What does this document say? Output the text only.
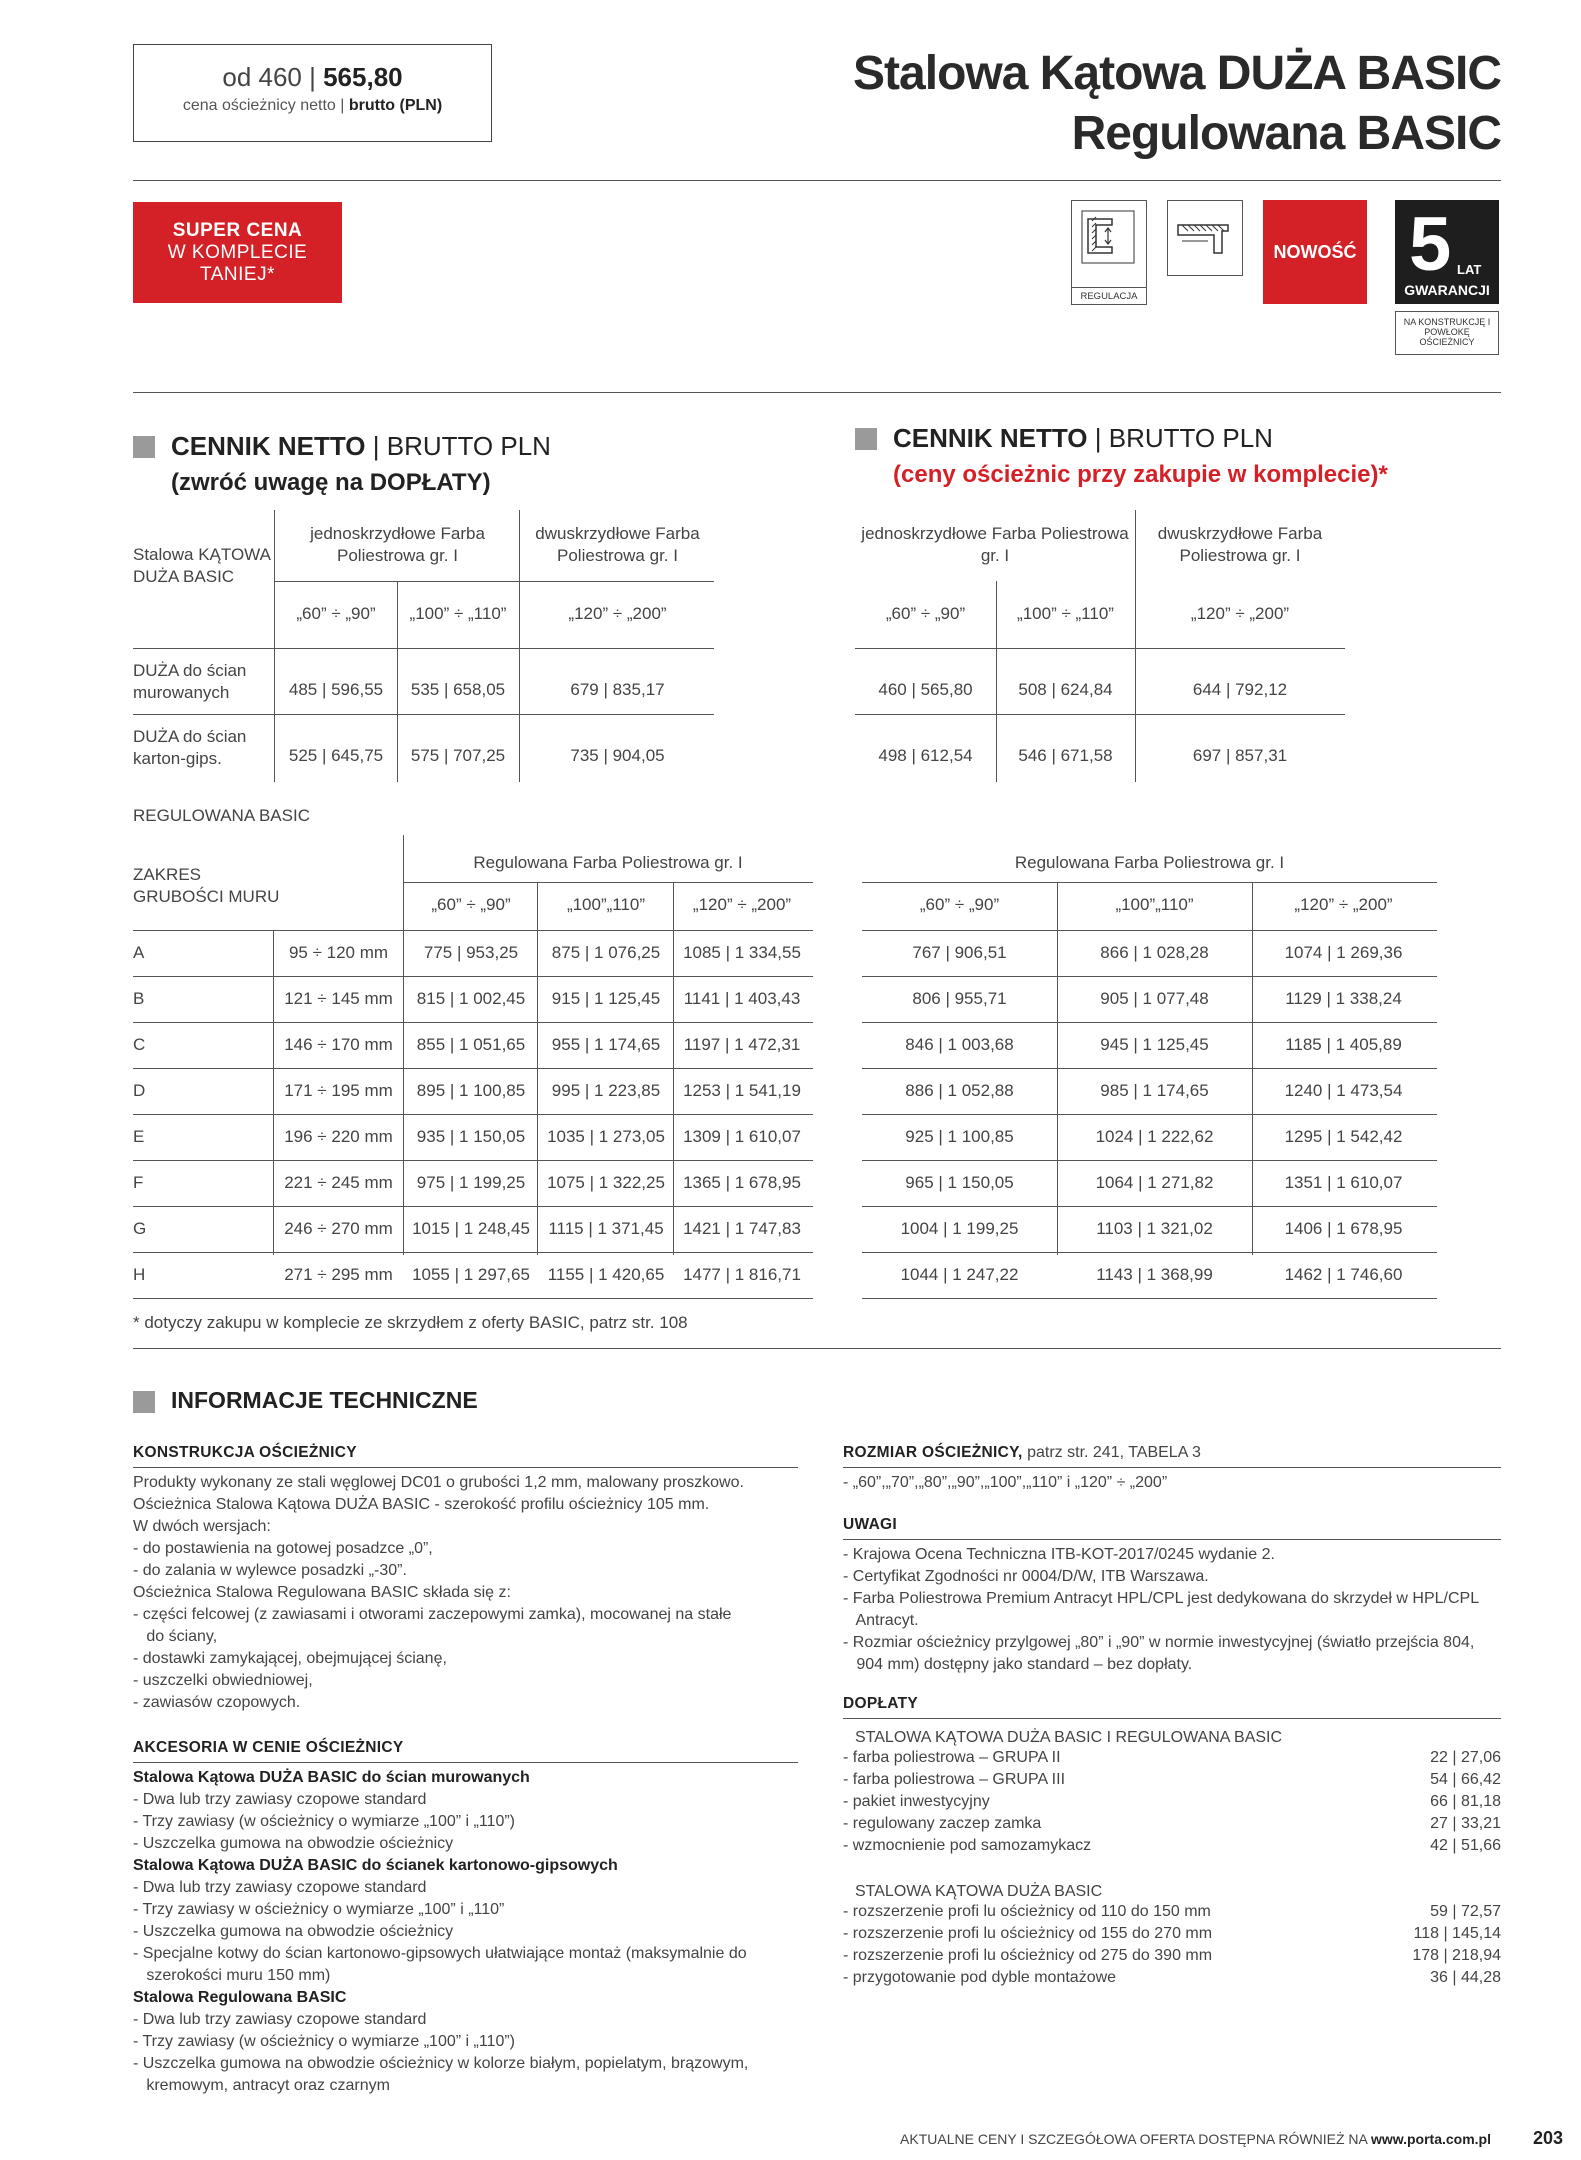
od 460 | 565,80
cena ościeżnicy netto | brutto (PLN)
Stalowa Kątowa DUŻA BASIC
Regulowana BASIC
SUPER CENA
W KOMPLECIE
TANIEJ*
REGULACJA
NOWOŚĆ 5 LAT
GWARANCJI
NA KONSTRUKCJĘ I POWŁOKĘ OŚCIEŻNICY
CENNIK NETTO | BRUTTO PLN
(zwróć uwagę na DOPŁATY)
CENNIK NETTO | BRUTTO PLN
(ceny ościeżnic przy zakupie w komplecie)*
Stalowa KĄTOWA DUŻA BASIC
jednoskrzydłowe Farba Poliestrowa gr. I
dwuskrzydłowe Farba Poliestrowa gr. I
jednoskrzydłowe Farba Poliestrowa gr. I
dwuskrzydłowe Farba Poliestrowa gr. I
„60” ÷ „90”	„60” ÷ „90”
„100” ÷ „110”	„100” ÷ „110”
„120” ÷ „200”	„120” ÷ „200”
DUŻA do ścian murowanych	485 | 596,55	535 | 658,05	679 | 835,17	460 | 565,80	508 | 624,84	644 | 792,12
DUŻA do ścian karton-gips.	525 | 645,75	575 | 707,25	735 | 904,05	498 | 612,54	546 | 671,58	697 | 857,31
REGULOWANA BASIC
ZAKRES GRUBOŚCI MURU
Regulowana Farba Poliestrowa gr. I	Regulowana Farba Poliestrowa gr. I
„60” ÷ „90”	„100”„110”	„120” ÷ „200”	„60” ÷ „90”	„100”„110”	„120” ÷ „200”
A	95 ÷ 120 mm	775 | 953,25	875 | 1 076,25	1085 | 1 334,55	767 | 906,51	866 | 1 028,28	1074 | 1 269,36
B	121 ÷ 145 mm	815 | 1 002,45	915 | 1 125,45	1141 | 1 403,43	806 | 955,71	905 | 1 077,48	1129 | 1 338,24
C	146 ÷ 170 mm	855 | 1 051,65	955 | 1 174,65	1197 | 1 472,31	846 | 1 003,68	945 | 1 125,45	1185 | 1 405,89
D	171 ÷ 195 mm	895 | 1 100,85	995 | 1 223,85	1253 | 1 541,19	886 | 1 052,88	985 | 1 174,65	1240 | 1 473,54
E	196 ÷ 220 mm	935 | 1 150,05	1035 | 1 273,05	1309 | 1 610,07	925 | 1 100,85	1024 | 1 222,62	1295 | 1 542,42
F	221 ÷ 245 mm	975 | 1 199,25	1075 | 1 322,25	1365 | 1 678,95	965 | 1 150,05	1064 | 1 271,82	1351 | 1 610,07
G	246 ÷ 270 mm	1015 | 1 248,45	1115 | 1 371,45	1421 | 1 747,83	1004 | 1 199,25	1103 | 1 321,02	1406 | 1 678,95
H	271 ÷ 295 mm	1055 | 1 297,65	1155 | 1 420,65	1477 | 1 816,71	1044 | 1 247,22	1143 | 1 368,99	1462 | 1 746,60
* dotyczy zakupu w komplecie ze skrzydłem z oferty BASIC, patrz str. 108
INFORMACJE TECHNICZNE
KONSTRUKCJA OŚCIEŻNICY
Produkty wykonany ze stali węglowej DC01 o grubości 1,2 mm, malowany proszkowo.
Ościeżnica Stalowa Kątowa DUŻA BASIC - szerokość profilu ościeżnicy 105 mm.
W dwóch wersjach:
- do postawienia na gotowej posadzce „0”,
- do zalania w wylewce posadzki „-30”.
Ościeżnica Stalowa Regulowana BASIC składa się z:
- części felcowej (z zawiasami i otworami zaczepowymi zamka), mocowanej na stałe
do ściany,
- dostawki zamykającej, obejmującej ścianę,
- uszczelki obwiedniowej,
- zawiasów czopowych.
AKCESORIA W CENIE OŚCIEŻNICY
Stalowa Kątowa DUŻA BASIC do ścian murowanych
- Dwa lub trzy zawiasy czopowe standard
- Trzy zawiasy (w ościeżnicy o wymiarze „100” i „110”)
- Uszczelka gumowa na obwodzie ościeżnicy
Stalowa Kątowa DUŻA BASIC do ścianek kartonowo-gipsowych
- Dwa lub trzy zawiasy czopowe standard
- Trzy zawiasy w ościeżnicy o wymiarze „100” i „110”
- Uszczelka gumowa na obwodzie ościeżnicy
- Specjalne kotwy do ścian kartonowo-gipsowych ułatwiające montaż (maksymalnie do
szerokości muru 150 mm)
Stalowa Regulowana BASIC
- Dwa lub trzy zawiasy czopowe standard
- Trzy zawiasy (w ościeżnicy o wymiarze „100” i „110”)
- Uszczelka gumowa na obwodzie ościeżnicy w kolorze białym, popielatym, brązowym,
kremowym, antracyt oraz czarnym
ROZMIAR OŚCIEŻNICY, patrz str. 241, TABELA 3
- „60”,„70”,„80”,„90”,„100”,„110” i „120” ÷ „200”
UWAGI
- Krajowa Ocena Techniczna ITB-KOT-2017/0245 wydanie 2.
- Certyfikat Zgodności nr 0004/D/W, ITB Warszawa.
- Farba Poliestrowa Premium Antracyt HPL/CPL jest dedykowana do skrzydeł w HPL/CPL
Antracyt.
- Rozmiar ościeżnicy przylgowej „80” i „90” w normie inwestycyjnej (światło przejścia 804,
904 mm) dostępny jako standard – bez dopłaty.
DOPŁATY
STALOWA KĄTOWA DUŻA BASIC I REGULOWANA BASIC
STALOWA KĄTOWA DUŻA BASIC
- farba poliestrowa – GRUPA II	22 | 27,06
- farba poliestrowa – GRUPA III	54 | 66,42
- pakiet inwestycyjny	66 | 81,18
- regulowany zaczep zamka	27 | 33,21
- wzmocnienie pod samozamykacz	42 | 51,66
- rozszerzenie profi lu ościeżnicy od 110 do 150 mm	59 | 72,57
- rozszerzenie profi lu ościeżnicy od 155 do 270 mm	118 | 145,14
- rozszerzenie profi lu ościeżnicy od 275 do 390 mm	178 | 218,94
- przygotowanie pod dyble montażowe	36 | 44,28
AKTUALNE CENY I SZCZEGÓŁOWA OFERTA DOSTĘPNA RÓWNIEŻ NA www.porta.com.pl 203
